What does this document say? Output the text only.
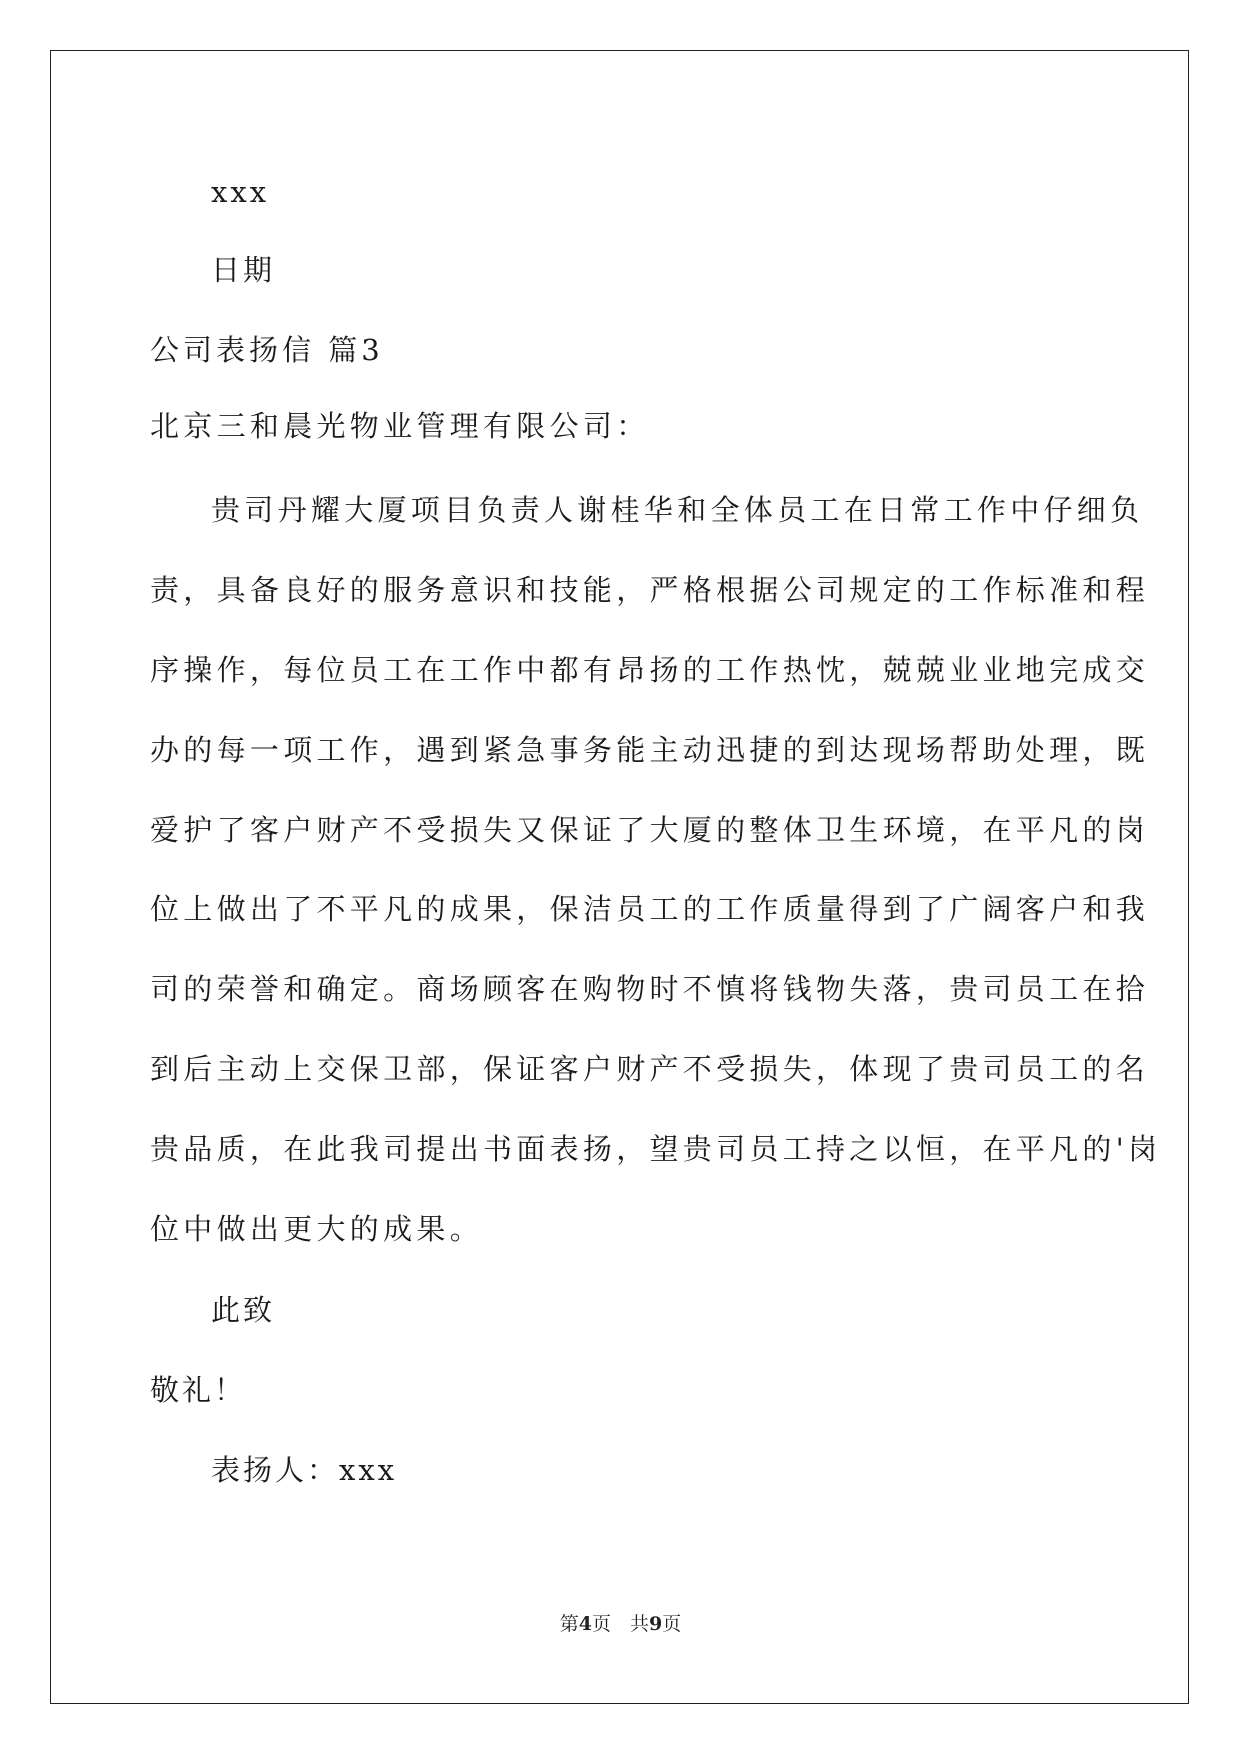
xxx
日期
公司表扬信 篇3
北京三和晨光物业管理有限公司：
贵司丹耀大厦项目负责人谢桂华和全体员工在日常工作中仔细负
责，具备良好的服务意识和技能，严格根据公司规定的工作标准和程
序操作，每位员工在工作中都有昂扬的工作热忱，兢兢业业地完成交
办的每一项工作，遇到紧急事务能主动迅捷的到达现场帮助处理，既
爱护了客户财产不受损失又保证了大厦的整体卫生环境，在平凡的岗
位上做出了不平凡的成果，保洁员工的工作质量得到了广阔客户和我
司的荣誉和确定。商场顾客在购物时不慎将钱物失落，贵司员工在拾
到后主动上交保卫部，保证客户财产不受损失，体现了贵司员工的名
贵品质，在此我司提出书面表扬，望贵司员工持之以恒，在平凡的'岗
位中做出更大的成果。
此致
敬礼！
表扬人：xxx
第4页　共9页
